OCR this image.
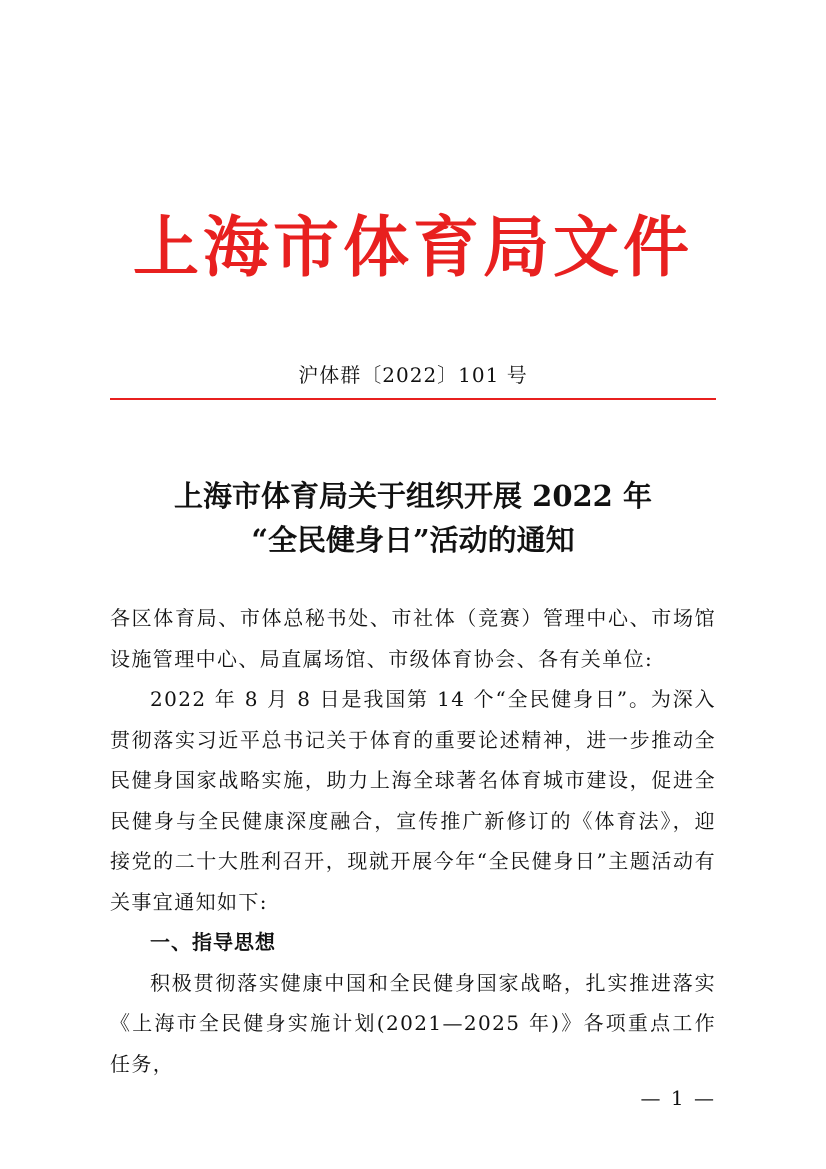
上海市体育局文件
沪体群〔2022〕101 号
上海市体育局关于组织开展 2022 年
“全民健身日”活动的通知

各区体育局、市体总秘书处、市社体（竞赛）管理中心、市场馆设施管理中心、局直属场馆、市级体育协会、各有关单位:

2022 年 8 月 8 日是我国第 14 个“全民健身日”。为深入贯彻落实习近平总书记关于体育的重要论述精神，进一步推动全民健身国家战略实施，助力上海全球著名体育城市建设，促进全民健身与全民健康深度融合，宣传推广新修订的《体育法》，迎接党的二十大胜利召开，现就开展今年“全民健身日”主题活动有关事宜通知如下:

一、指导思想

积极贯彻落实健康中国和全民健身国家战略，扎实推进落实《上海市全民健身实施计划(2021—2025 年)》各项重点工作任务，

— 1 —
